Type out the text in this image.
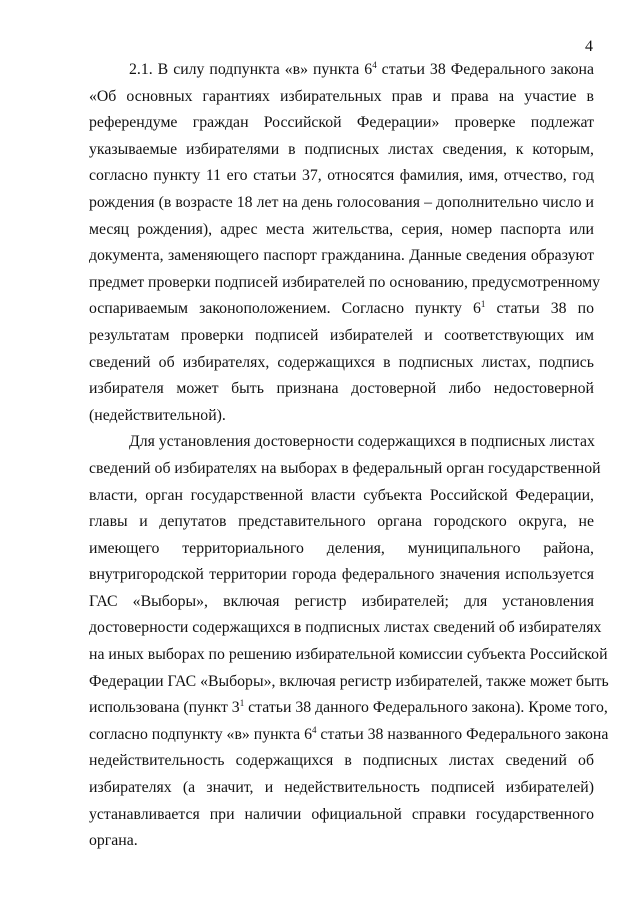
4
2.1. В силу подпункта «в» пункта $6^4$ статьи 38 Федерального закона
«Об основных гарантиях избирательных прав и права на участие в
референдуме граждан Российской Федерации» проверке подлежат
указываемые избирателями в подписных листах сведения, к которым,
согласно пункту 11 его статьи 37, относятся фамилия, имя, отчество, год
рождения (в возрасте 18 лет на день голосования – дополнительно число и
месяц рождения), адрес места жительства, серия, номер паспорта или
документа, заменяющего паспорт гражданина. Данные сведения образуют
предмет проверки подписей избирателей по основанию, предусмотренному
оспариваемым законоположением. Согласно пункту $6^1$ статьи 38 по
результатам проверки подписей избирателей и соответствующих им
сведений об избирателях, содержащихся в подписных листах, подпись
избирателя может быть признана достоверной либо недостоверной
(недействительной).
Для установления достоверности содержащихся в подписных листах
сведений об избирателях на выборах в федеральный орган государственной
власти, орган государственной власти субъекта Российской Федерации,
главы и депутатов представительного органа городского округа, не
имеющего территориального деления, муниципального района,
внутригородской территории города федерального значения используется
ГАС «Выборы», включая регистр избирателей; для установления
достоверности содержащихся в подписных листах сведений об избирателях
на иных выборах по решению избирательной комиссии субъекта Российской
Федерации ГАС «Выборы», включая регистр избирателей, также может быть
использована (пункт $3^1$ статьи 38 данного Федерального закона). Кроме того,
согласно подпункту «в» пункта $6^4$ статьи 38 названного Федерального закона
недействительность содержащихся в подписных листах сведений об
избирателях (а значит, и недействительность подписей избирателей)
устанавливается при наличии официальной справки государственного
органа.
